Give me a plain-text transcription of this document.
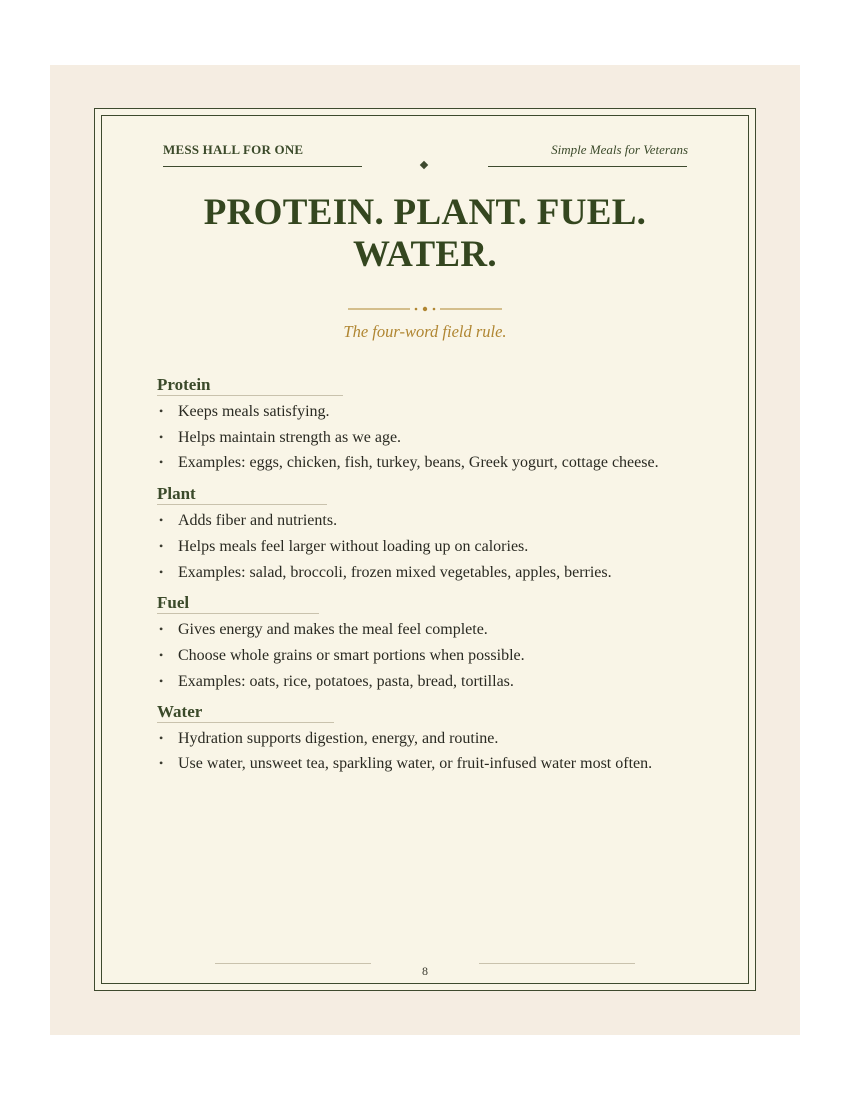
MESS HALL FOR ONE	Simple Meals for Veterans
PROTEIN. PLANT. FUEL.
WATER.
The four-word field rule.
Protein
• Keeps meals satisfying.
• Helps maintain strength as we age.
• Examples: eggs, chicken, fish, turkey, beans, Greek yogurt, cottage cheese.
Plant
• Adds fiber and nutrients.
• Helps meals feel larger without loading up on calories.
• Examples: salad, broccoli, frozen mixed vegetables, apples, berries.
Fuel
• Gives energy and makes the meal feel complete.
• Choose whole grains or smart portions when possible.
• Examples: oats, rice, potatoes, pasta, bread, tortillas.
Water
• Hydration supports digestion, energy, and routine.
• Use water, unsweet tea, sparkling water, or fruit-infused water most often.
8
